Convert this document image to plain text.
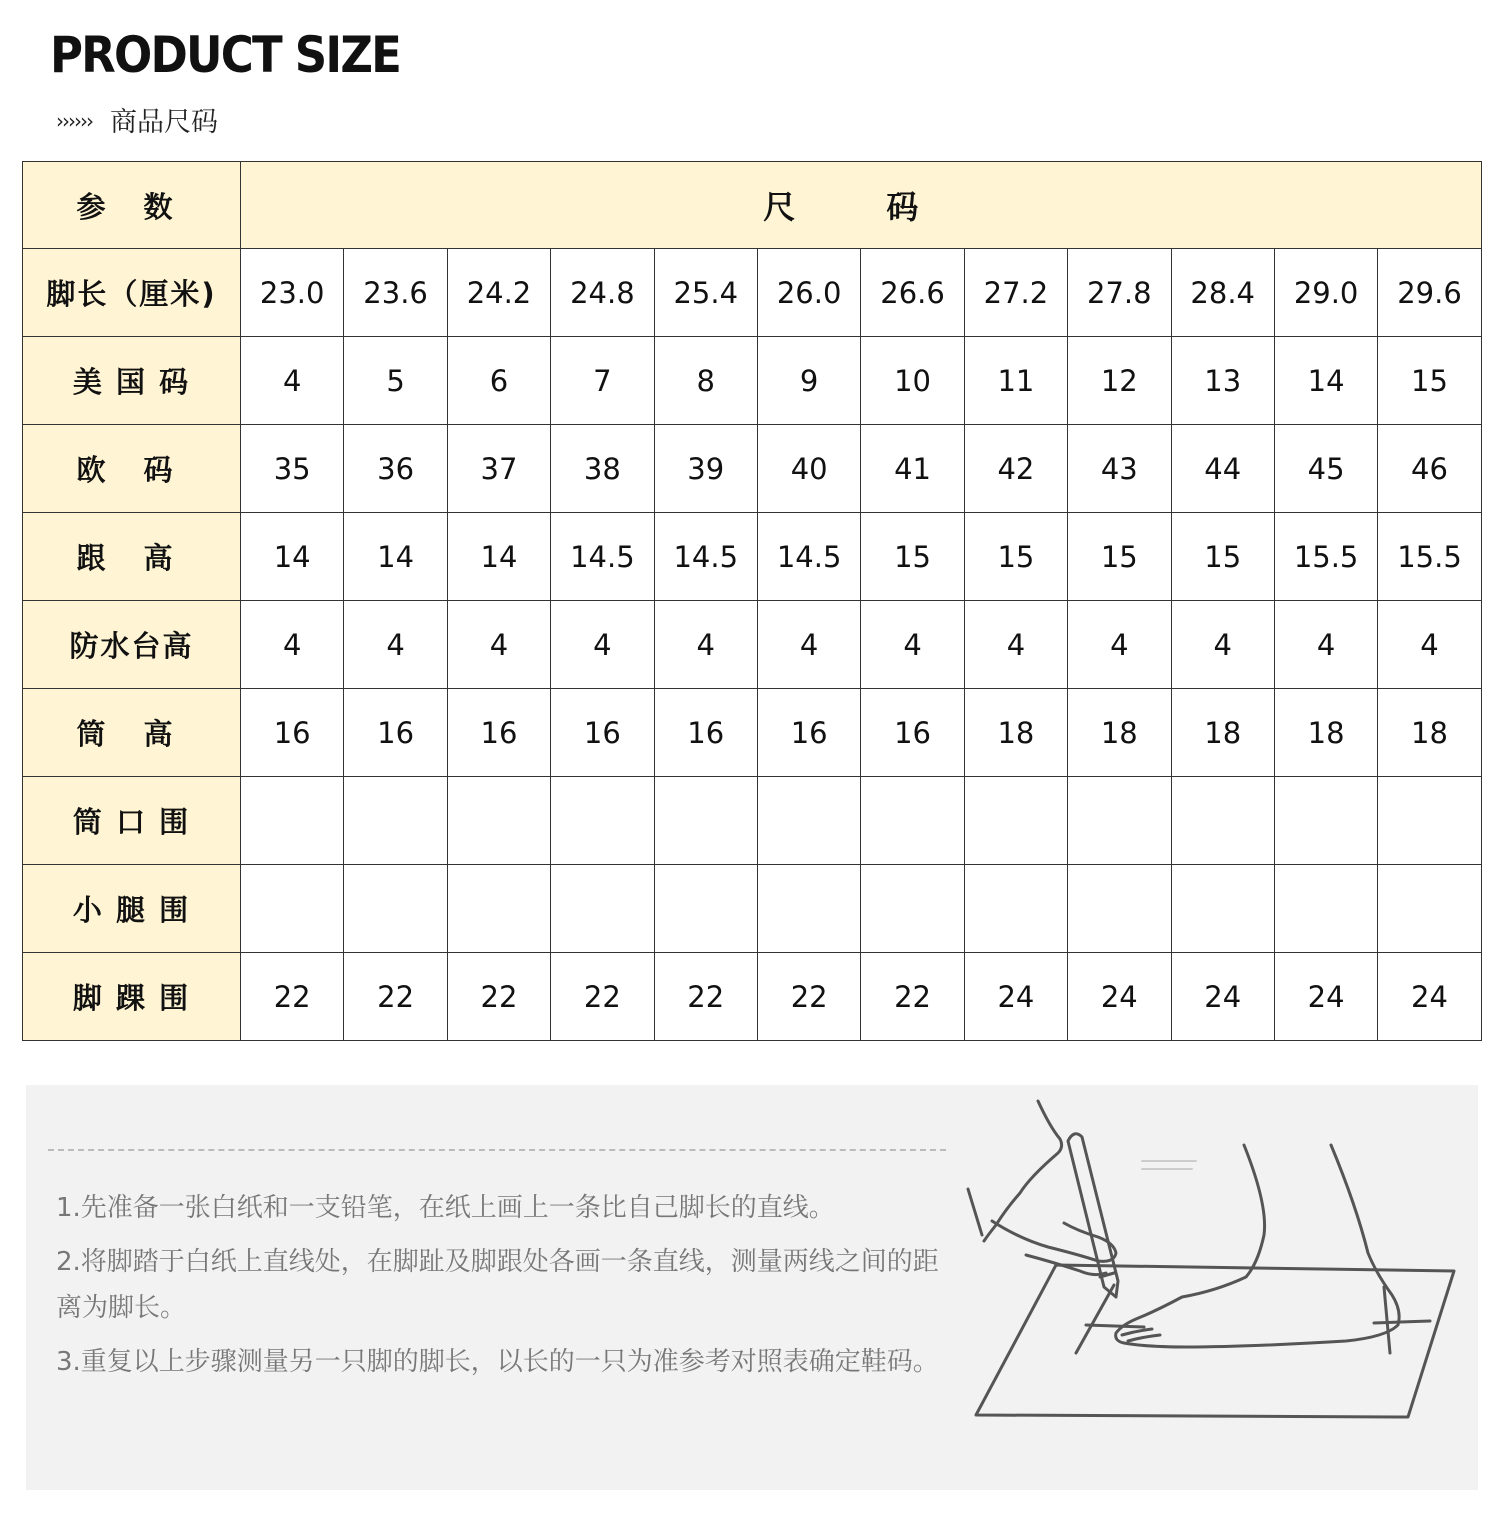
PRODUCT SIZE
›››››› 商品尺码
参 数	尺 码											
脚长（厘米)	23.0	23.6	24.2	24.8	25.4	26.0	26.6	27.2	27.8	28.4	29.0	29.6
美 国 码	4	5	6	7	8	9	10	11	12	13	14	15
欧 码	35	36	37	38	39	40	41	42	43	44	45	46
跟 高	14	14	14	14.5	14.5	14.5	15	15	15	15	15.5	15.5
防水台高	4	4	4	4	4	4	4	4	4	4	4	4
筒 高	16	16	16	16	16	16	16	18	18	18	18	18
筒 口 围												
小 腿 围												
脚 踝 围	22	22	22	22	22	22	22	24	24	24	24	24

1.先准备一张白纸和一支铅笔，在纸上画上一条比自己脚长的直线。

2.将脚踏于白纸上直线处，在脚趾及脚跟处各画一条直线，测量两线之间的距离为脚长。

3.重复以上步骤测量另一只脚的脚长，以长的一只为准参考对照表确定鞋码。
